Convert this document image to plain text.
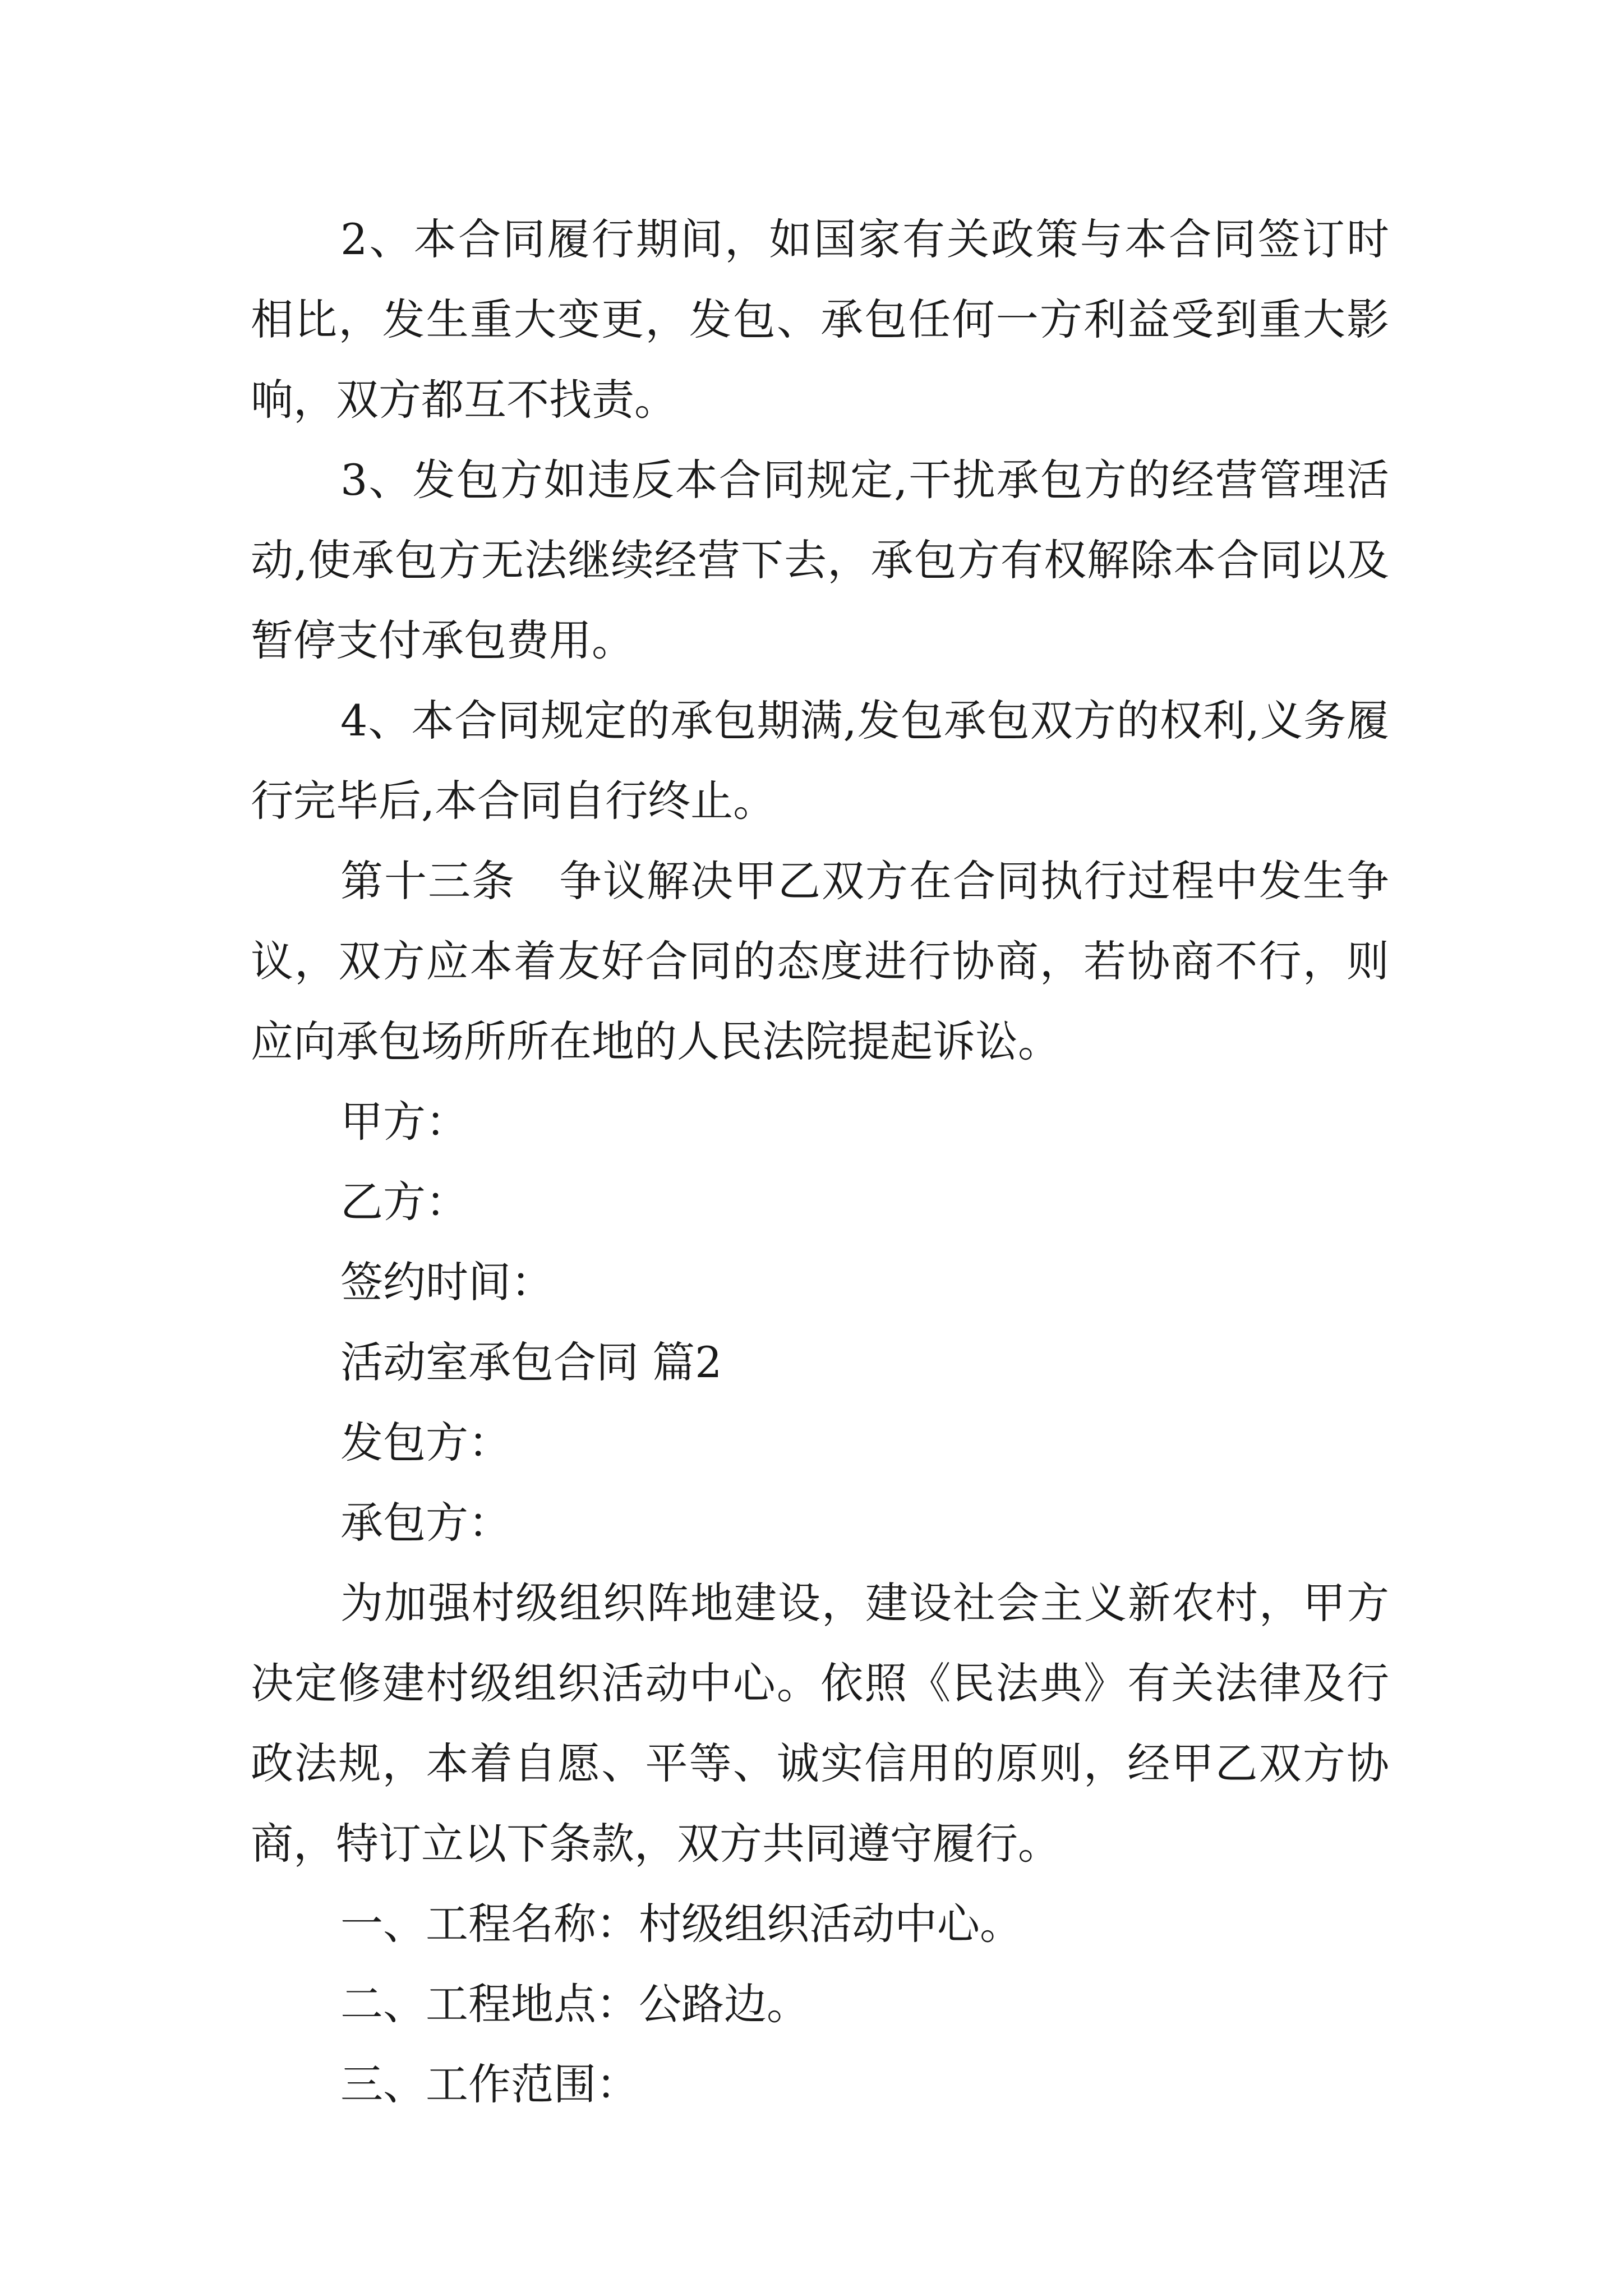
2、本合同履行期间，如国家有关政策与本合同签订时相比，发生重大变更，发包、承包任何一方利益受到重大影响，双方都互不找责。

3、发包方如违反本合同规定,干扰承包方的经营管理活动,使承包方无法继续经营下去，承包方有权解除本合同以及暂停支付承包费用。

4、本合同规定的承包期满,发包承包双方的权利,义务履行完毕后,本合同自行终止。

第十三条　争议解决甲乙双方在合同执行过程中发生争议，双方应本着友好合同的态度进行协商，若协商不行，则应向承包场所所在地的人民法院提起诉讼。

甲方：

乙方：

签约时间：

活动室承包合同 篇2

发包方：

承包方：

为加强村级组织阵地建设，建设社会主义新农村，甲方决定修建村级组织活动中心。依照《民法典》有关法律及行政法规，本着自愿、平等、诚实信用的原则，经甲乙双方协商，特订立以下条款，双方共同遵守履行。

一、工程名称：村级组织活动中心。

二、工程地点：公路边。

三、工作范围：
